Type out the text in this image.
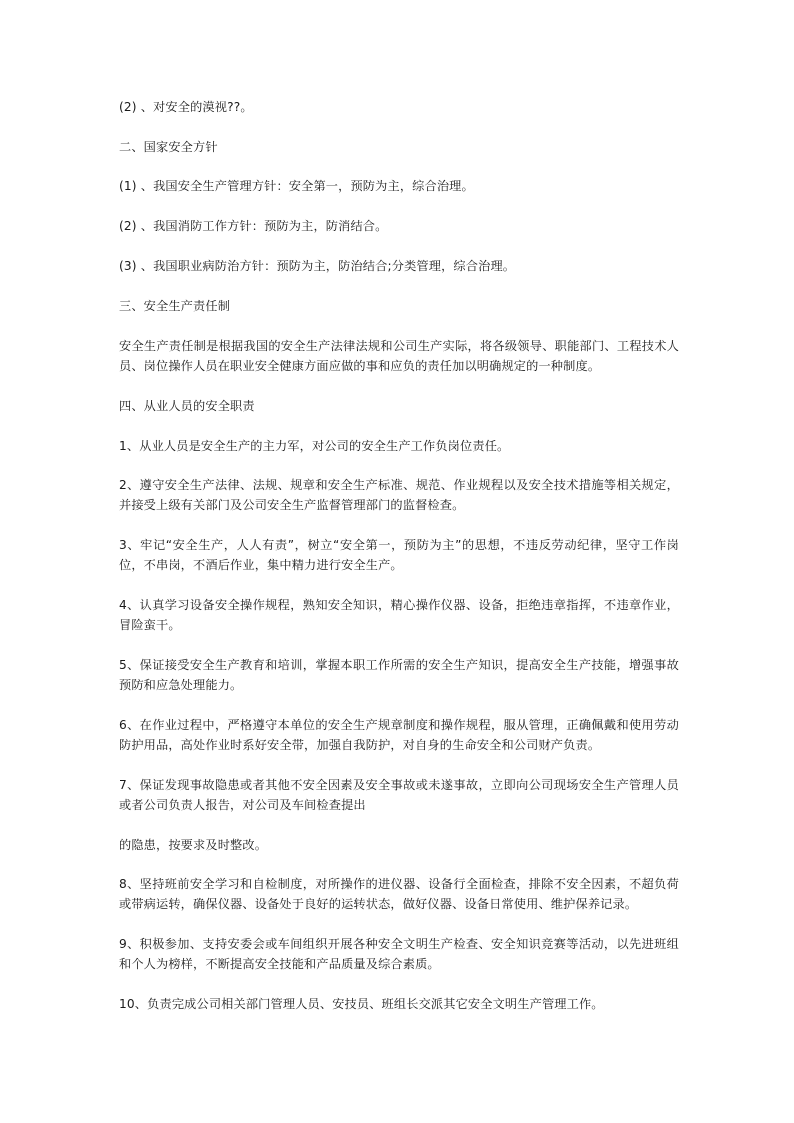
(2) 、对安全的漠视??。

二、国家安全方针

(1) 、我国安全生产管理方针：安全第一，预防为主，综合治理。

(2) 、我国消防工作方针：预防为主，防消结合。

(3) 、我国职业病防治方针：预防为主，防治结合;分类管理，综合治理。

三、安全生产责任制

安全生产责任制是根据我国的安全生产法律法规和公司生产实际，将各级领导、职能部门、工程技术人员、岗位操作人员在职业安全健康方面应做的事和应负的责任加以明确规定的一种制度。

四、从业人员的安全职责

1、从业人员是安全生产的主力军，对公司的安全生产工作负岗位责任。

2、遵守安全生产法律、法规、规章和安全生产标准、规范、作业规程以及安全技术措施等相关规定，并接受上级有关部门及公司安全生产监督管理部门的监督检查。

3、牢记“安全生产，人人有责”，树立“安全第一，预防为主”的思想，不违反劳动纪律，坚守工作岗位，不串岗，不酒后作业，集中精力进行安全生产。

4、认真学习设备安全操作规程，熟知安全知识，精心操作仪器、设备，拒绝违章指挥，不违章作业，冒险蛮干。

5、保证接受安全生产教育和培训，掌握本职工作所需的安全生产知识，提高安全生产技能，增强事故预防和应急处理能力。

6、在作业过程中，严格遵守本单位的安全生产规章制度和操作规程，服从管理，正确佩戴和使用劳动防护用品，高处作业时系好安全带，加强自我防护，对自身的生命安全和公司财产负责。

7、保证发现事故隐患或者其他不安全因素及安全事故或未遂事故，立即向公司现场安全生产管理人员或者公司负责人报告，对公司及车间检查提出

的隐患，按要求及时整改。

8、坚持班前安全学习和自检制度，对所操作的进仪器、设备行全面检查，排除不安全因素，不超负荷或带病运转，确保仪器、设备处于良好的运转状态，做好仪器、设备日常使用、维护保养记录。

9、积极参加、支持安委会或车间组织开展各种安全文明生产检查、安全知识竞赛等活动，以先进班组和个人为榜样，不断提高安全技能和产品质量及综合素质。

10、负责完成公司相关部门管理人员、安技员、班组长交派其它安全文明生产管理工作。
